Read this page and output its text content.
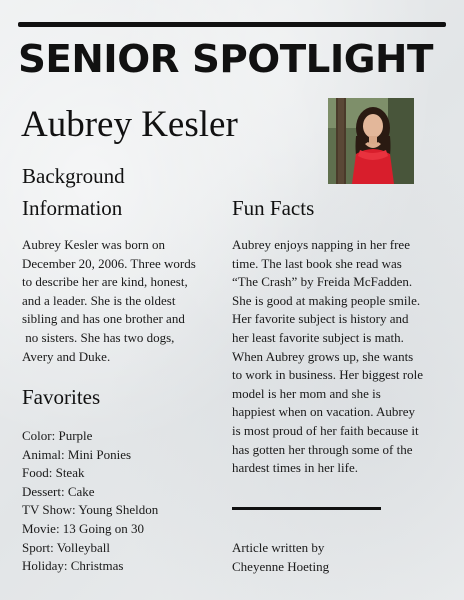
SENIOR SPOTLIGHT
Aubrey Kesler
Background
Information	Fun Facts
Aubrey Kesler was born on
December 20, 2006. Three words
to describe her are kind, honest,
and a leader. She is the oldest
sibling and has one brother and
no sisters. She has two dogs,
Avery and Duke.
Aubrey enjoys napping in her free
time. The last book she read was
“The Crash” by Freida McFadden.
She is good at making people smile.
Her favorite subject is history and
her least favorite subject is math.
When Aubrey grows up, she wants
to work in business. Her biggest role
model is her mom and she is
happiest when on vacation. Aubrey
is most proud of her faith because it
has gotten her through some of the
hardest times in her life.
Favorites
Color: Purple
Animal: Mini Ponies
Food: Steak
Dessert: Cake
TV Show: Young Sheldon
Movie: 13 Going on 30
Sport: Volleyball
Holiday: Christmas
Article written by
Cheyenne Hoeting
